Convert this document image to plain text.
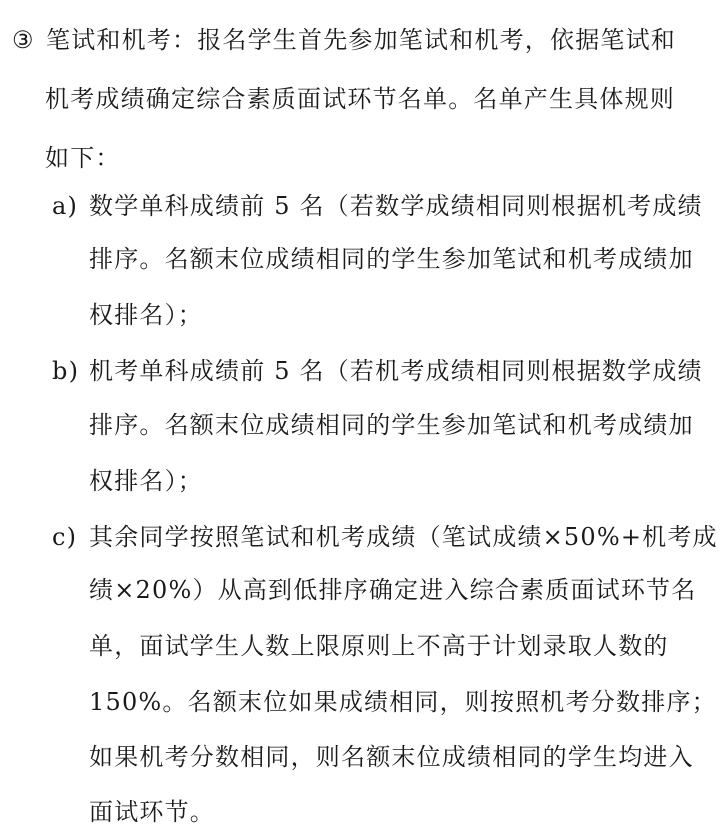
③ 笔试和机考：报名学生首先参加笔试和机考，依据笔试和
机考成绩确定综合素质面试环节名单。名单产生具体规则
如下：
a) 数学单科成绩前 5 名（若数学成绩相同则根据机考成绩
排序。名额末位成绩相同的学生参加笔试和机考成绩加
权排名）；
b) 机考单科成绩前 5 名（若机考成绩相同则根据数学成绩
排序。名额末位成绩相同的学生参加笔试和机考成绩加
权排名）；
c) 其余同学按照笔试和机考成绩（笔试成绩×50%+机考成
绩×20%）从高到低排序确定进入综合素质面试环节名
单，面试学生人数上限原则上不高于计划录取人数的
150%。名额末位如果成绩相同，则按照机考分数排序；
如果机考分数相同，则名额末位成绩相同的学生均进入
面试环节。
